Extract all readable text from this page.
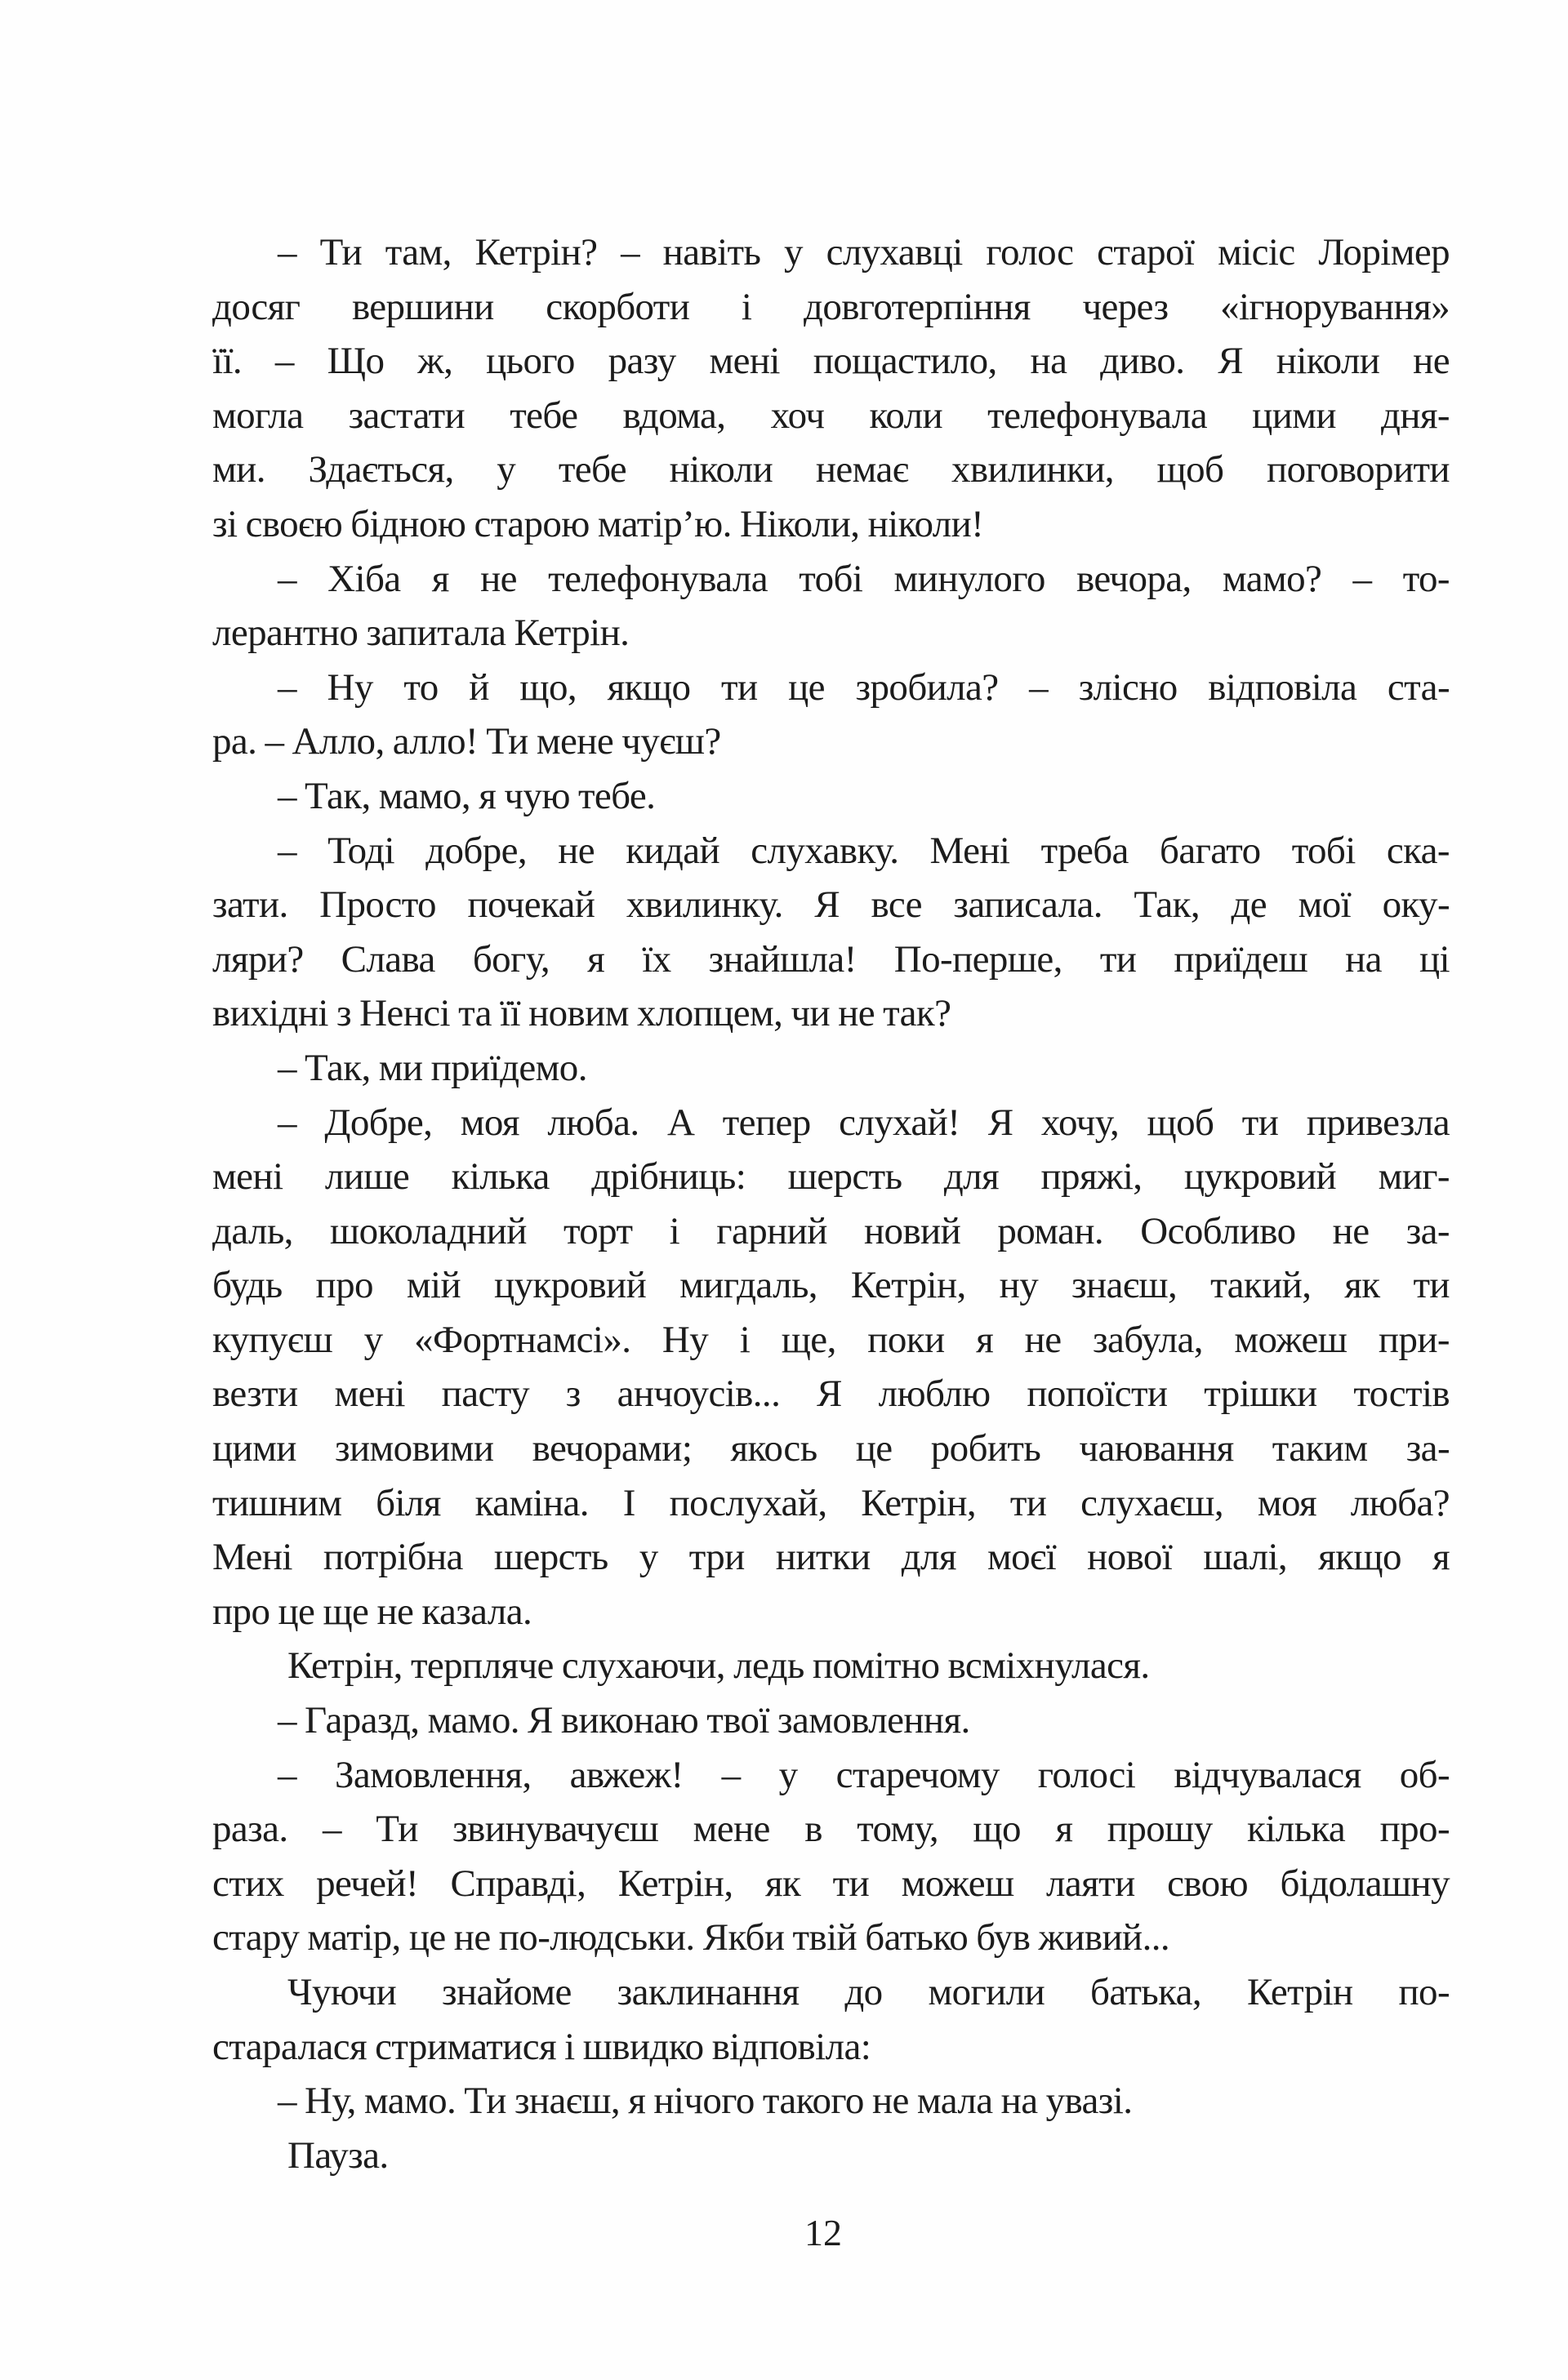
– Ти там, Кетрін? – навіть у слухавці голос старої місіс Лорімер
досяг вершини скорботи і довготерпіння через «ігнорування»
її. – Що ж, цього разу мені пощастило, на диво. Я ніколи не
могла застати тебе вдома, хоч коли телефонувала цими дня-
ми. Здається, у тебе ніколи немає хвилинки, щоб поговорити
зі своєю бідною старою матір’ю. Ніколи, ніколи!
– Хіба я не телефонувала тобі минулого вечора, мамо? – то-
лерантно запитала Кетрін.
– Ну то й що, якщо ти це зробила? – злісно відповіла ста-
ра. – Алло, алло! Ти мене чуєш?
– Так, мамо, я чую тебе.
– Тоді добре, не кидай слухавку. Мені треба багато тобі ска-
зати. Просто почекай хвилинку. Я все записала. Так, де мої оку-
ляри? Слава богу, я їх знайшла! По-перше, ти приїдеш на ці
вихідні з Ненсі та її новим хлопцем, чи не так?
– Так, ми приїдемо.
– Добре, моя люба. А тепер слухай! Я хочу, щоб ти привезла
мені лише кілька дрібниць: шерсть для пряжі, цукровий миг-
даль, шоколадний торт і гарний новий роман. Особливо не за-
будь про мій цукровий мигдаль, Кетрін, ну знаєш, такий, як ти
купуєш у «Фортнамсі». Ну і ще, поки я не забула, можеш при-
везти мені пасту з анчоусів... Я люблю попоїсти трішки тостів
цими зимовими вечорами; якось це робить чаювання таким за-
тишним біля каміна. І послухай, Кетрін, ти слухаєш, моя люба?
Мені потрібна шерсть у три нитки для моєї нової шалі, якщо я
про це ще не казала.
Кетрін, терпляче слухаючи, ледь помітно всміхнулася.
– Гаразд, мамо. Я виконаю твої замовлення.
– Замовлення, авжеж! – у старечому голосі відчувалася об-
раза. – Ти звинувачуєш мене в тому, що я прошу кілька про-
стих речей! Справді, Кетрін, як ти можеш лаяти свою бідолашну
стару матір, це не по-людськи. Якби твій батько був живий...
Чуючи знайоме заклинання до могили батька, Кетрін по-
старалася стриматися і швидко відповіла:
– Ну, мамо. Ти знаєш, я нічого такого не мала на увазі.
Пауза.
12
